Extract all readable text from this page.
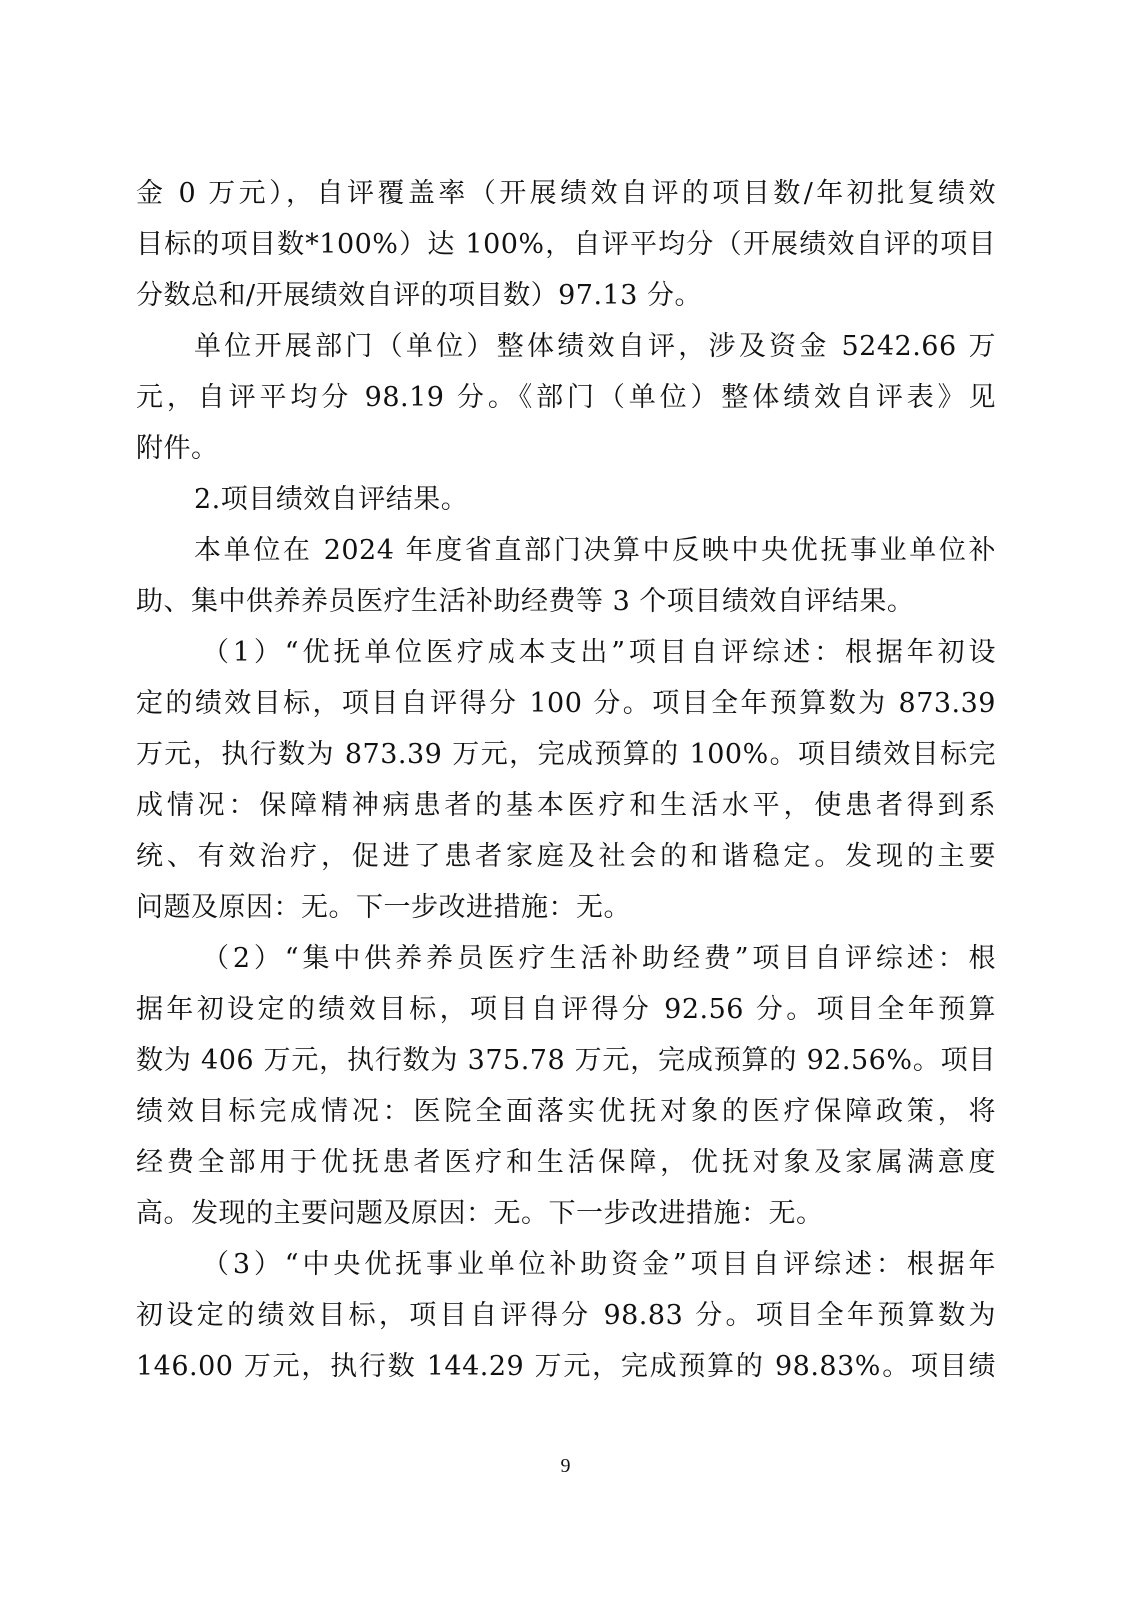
金 0 万元），自评覆盖率（开展绩效自评的项目数/年初批复绩效
目标的项目数*100%）达 100%，自评平均分（开展绩效自评的项目
分数总和/开展绩效自评的项目数）97.13 分。
单位开展部门（单位）整体绩效自评，涉及资金 5242.66 万
元，自评平均分 98.19 分。《部门（单位）整体绩效自评表》见
附件。
2.项目绩效自评结果。
本单位在 2024 年度省直部门决算中反映中央优抚事业单位补
助、集中供养养员医疗生活补助经费等 3 个项目绩效自评结果。
（1）“优抚单位医疗成本支出”项目自评综述：根据年初设
定的绩效目标，项目自评得分 100 分。项目全年预算数为 873.39
万元，执行数为 873.39 万元，完成预算的 100%。项目绩效目标完
成情况：保障精神病患者的基本医疗和生活水平，使患者得到系
统、有效治疗，促进了患者家庭及社会的和谐稳定。发现的主要
问题及原因：无。下一步改进措施：无。
（2）“集中供养养员医疗生活补助经费”项目自评综述：根
据年初设定的绩效目标，项目自评得分 92.56 分。项目全年预算
数为 406 万元，执行数为 375.78 万元，完成预算的 92.56%。项目
绩效目标完成情况：医院全面落实优抚对象的医疗保障政策，将
经费全部用于优抚患者医疗和生活保障，优抚对象及家属满意度
高。发现的主要问题及原因：无。下一步改进措施：无。
（3）“中央优抚事业单位补助资金”项目自评综述：根据年
初设定的绩效目标，项目自评得分 98.83 分。项目全年预算数为
146.00 万元，执行数 144.29 万元，完成预算的 98.83%。项目绩
9
